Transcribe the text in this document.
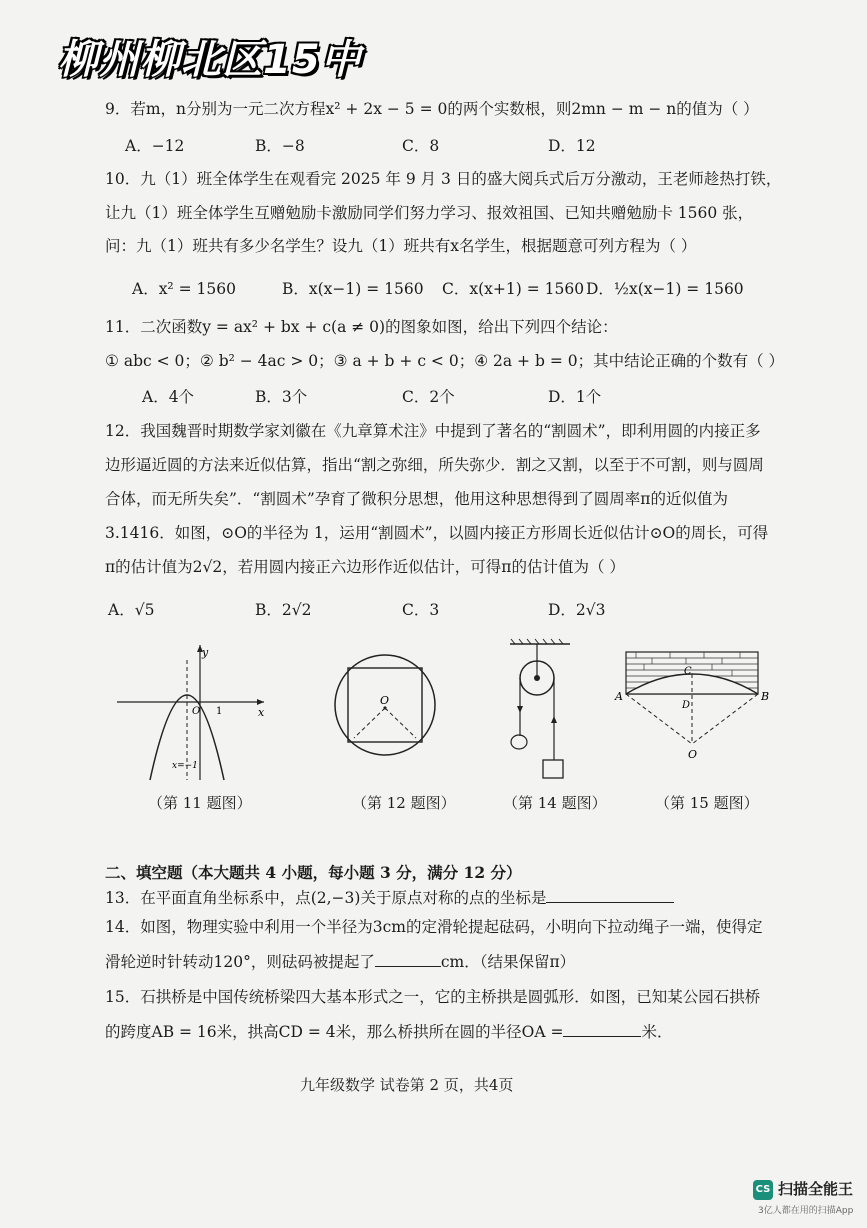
柳州柳北区15中
9．若m，n分别为一元二次方程x² + 2x − 5 = 0的两个实数根，则2mn − m − n的值为（ ）
A．−12	B．−8	C．8	D．12
10．九（1）班全体学生在观看完 2025 年 9 月 3 日的盛大阅兵式后万分激动，王老师趁热打铁，
让九（1）班全体学生互赠勉励卡激励同学们努力学习、报效祖国、已知共赠勉励卡 1560 张，
问：九（1）班共有多少名学生？设九（1）班共有x名学生，根据题意可列方程为（ ）
A．x² = 1560	B．x(x−1) = 1560 C．x(x+1) = 1560 D．½x(x−1) = 1560
11．二次函数y = ax² + bx + c(a ≠ 0)的图象如图，给出下列四个结论：
① abc < 0；② b² − 4ac > 0；③ a + b + c < 0；④ 2a + b = 0；其中结论正确的个数有（ ）
A．4个	B．3个	C．2个	D．1个
12．我国魏晋时期数学家刘徽在《九章算术注》中提到了著名的“割圆术”，即利用圆的内接正多
边形逼近圆的方法来近似估算，指出“割之弥细，所失弥少．割之又割，以至于不可割，则与圆周
合体，而无所失矣”．“割圆术”孕育了微积分思想，他用这种思想得到了圆周率π的近似值为
3.1416．如图，⊙O的半径为 1，运用“割圆术”，以圆内接正方形周长近似估计⊙O的周长，可得
π的估计值为2√2，若用圆内接正六边形作近似估计，可得π的估计值为（ ）
A．√5	B．2√2	C．3	D．2√3
y
x
O 1
x=−1
（第 11 题图）
O
（第 12 题图）	（第 14 题图）
A	B
C
D
O
（第 15 题图）
二、填空题（本大题共 4 小题，每小题 3 分，满分 12 分）
13．在平面直角坐标系中，点(2,−3)关于原点对称的点的坐标是
14．如图，物理实验中利用一个半径为3cm的定滑轮提起砝码，小明向下拉动绳子一端，使得定
滑轮逆时针转动120°，则砝码被提起了	cm．（结果保留π）
15．石拱桥是中国传统桥梁四大基本形式之一，它的主桥拱是圆弧形．如图，已知某公园石拱桥
的跨度AB = 16米，拱高CD = 4米，那么桥拱所在圆的半径OA =	米．
九年级数学 试卷第 2 页，共4页
CS 扫描全能王
3亿人都在用的扫描App
